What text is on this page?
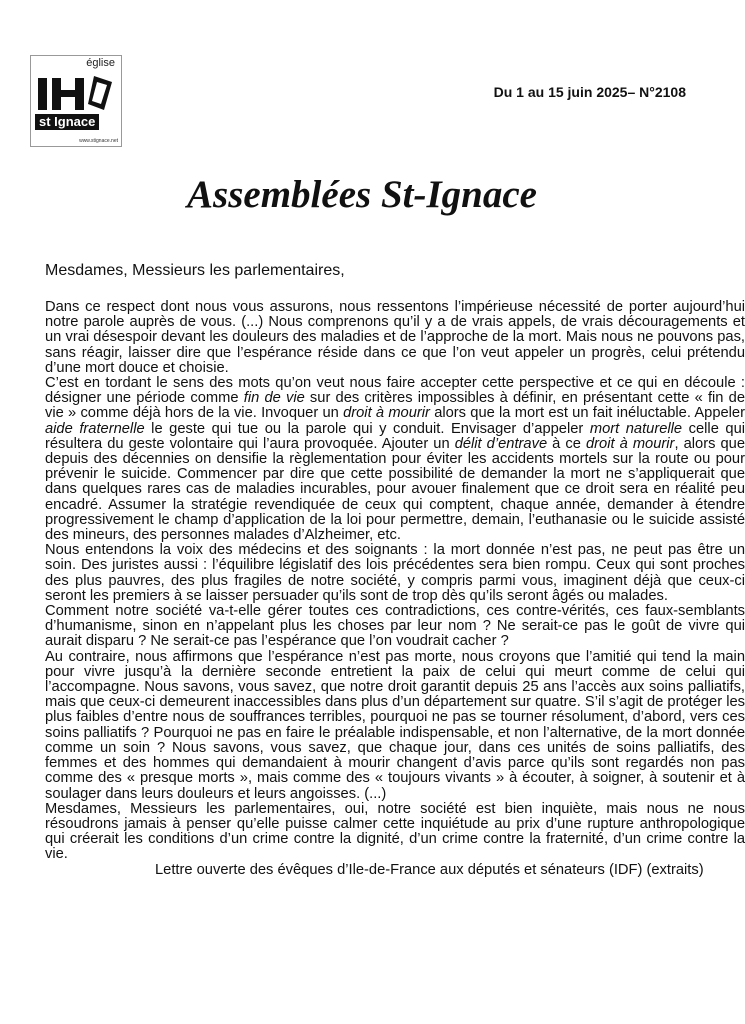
église
st Ignace
www.stignace.net
Du 1 au 15 juin 2025– N°2108
Assemblées St-Ignace

Mesdames, Messieurs les parlementaires,

Dans ce respect dont nous vous assurons, nous ressentons l’impérieuse nécessité de porter aujourd’hui notre parole auprès de vous. (...) Nous comprenons qu’il y a de vrais appels, de vrais découragements et un vrai désespoir devant les douleurs des maladies et de l’approche de la mort. Mais nous ne pouvons pas, sans réagir, laisser dire que l’espérance réside dans ce que l’on veut appeler un progrès, celui prétendu d’une mort douce et choisie.

C’est en tordant le sens des mots qu’on veut nous faire accepter cette perspective et ce qui en découle : désigner une période comme fin de vie sur des critères impossibles à définir, en présentant cette « fin de vie » comme déjà hors de la vie. Invoquer un droit à mourir alors que la mort est un fait inéluctable. Appeler aide fraternelle le geste qui tue ou la parole qui y conduit. Envisager d’appeler mort naturelle celle qui résultera du geste volontaire qui l’aura provoquée. Ajouter un délit d’entrave à ce droit à mourir, alors que depuis des décennies on densifie la règlementation pour éviter les accidents mortels sur la route ou pour prévenir le suicide. Commencer par dire que cette possibilité de demander la mort ne s’appliquerait que dans quelques rares cas de maladies incurables, pour avouer finalement que ce droit sera en réalité peu encadré. Assumer la stratégie revendiquée de ceux qui comptent, chaque année, demander à étendre progressivement le champ d’application de la loi pour permettre, demain, l’euthanasie ou le suicide assisté des mineurs, des personnes malades d’Alzheimer, etc.

Nous entendons la voix des médecins et des soignants : la mort donnée n’est pas, ne peut pas être un soin. Des juristes aussi : l’équilibre législatif des lois précédentes sera bien rompu. Ceux qui sont proches des plus pauvres, des plus fragiles de notre société, y compris parmi vous, imaginent déjà que ceux-ci seront les premiers à se laisser persuader qu’ils sont de trop dès qu’ils seront âgés ou malades.

Comment notre société va-t-elle gérer toutes ces contradictions, ces contre-vérités, ces faux-semblants d’humanisme, sinon en n’appelant plus les choses par leur nom ? Ne serait-ce pas le goût de vivre qui aurait disparu ? Ne serait-ce pas l’espérance que l’on voudrait cacher ?

Au contraire, nous affirmons que l’espérance n’est pas morte, nous croyons que l’amitié qui tend la main pour vivre jusqu’à la dernière seconde entretient la paix de celui qui meurt comme de celui qui l’accompagne. Nous savons, vous savez, que notre droit garantit depuis 25 ans l’accès aux soins palliatifs, mais que ceux-ci demeurent inaccessibles dans plus d’un département sur quatre. S’il s’agit de protéger les plus faibles d’entre nous de souffrances terribles, pourquoi ne pas se tourner résolument, d’abord, vers ces soins palliatifs ? Pourquoi ne pas en faire le préalable indispensable, et non l’alternative, de la mort donnée comme un soin ? Nous savons, vous savez, que chaque jour, dans ces unités de soins palliatifs, des femmes et des hommes qui demandaient à mourir changent d’avis parce qu’ils sont regardés non pas comme des « presque morts », mais comme des « toujours vivants » à écouter, à soigner, à soutenir et à soulager dans leurs douleurs et leurs angoisses. (...)

Mesdames, Messieurs les parlementaires, oui, notre société est bien inquiète, mais nous ne nous résoudrons jamais à penser qu’elle puisse calmer cette inquiétude au prix d’une rupture anthropologique qui créerait les conditions d’un crime contre la dignité, d’un crime contre la fraternité, d’un crime contre la vie.

Lettre ouverte des évêques d’Ile-de-France aux députés et sénateurs (IDF) (extraits)
